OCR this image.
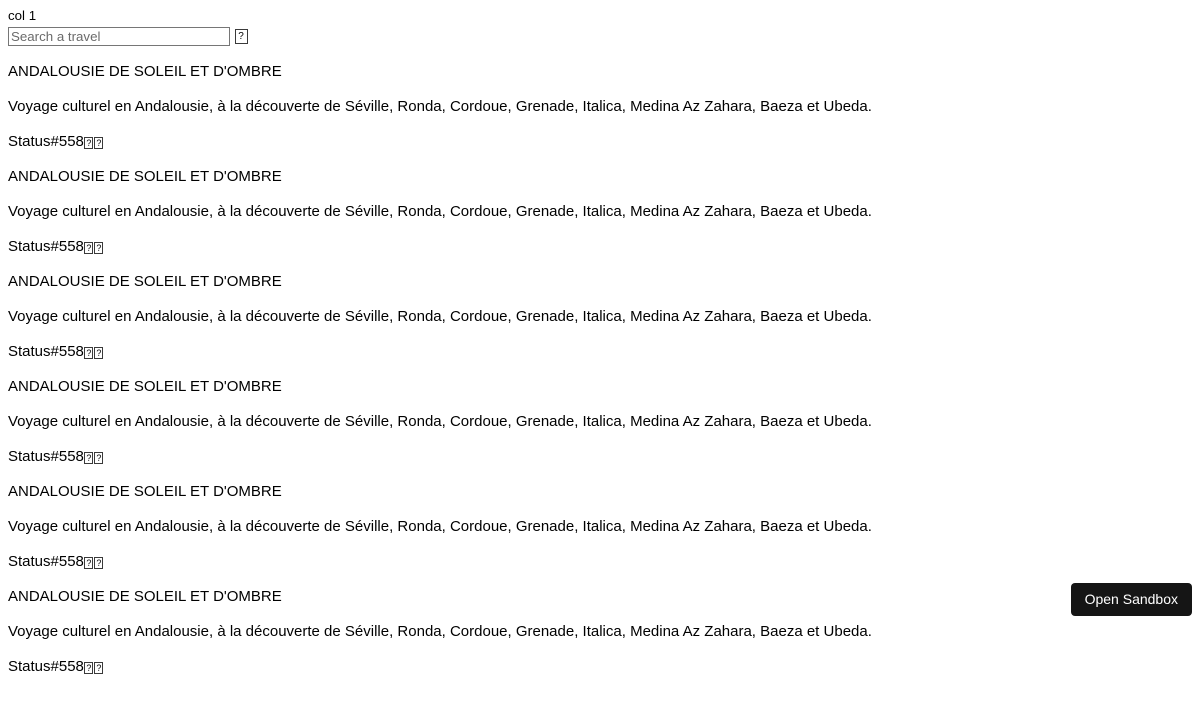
col 1
Search a travel
?
ANDALOUSIE DE SOLEIL ET D'OMBRE
Voyage culturel en Andalousie, à la découverte de Séville, Ronda, Cordoue, Grenade, Italica, Medina Az Zahara, Baeza et Ubeda.
Status#558 ? ?
ANDALOUSIE DE SOLEIL ET D'OMBRE
Voyage culturel en Andalousie, à la découverte de Séville, Ronda, Cordoue, Grenade, Italica, Medina Az Zahara, Baeza et Ubeda.
Status#558 ? ?
ANDALOUSIE DE SOLEIL ET D'OMBRE
Voyage culturel en Andalousie, à la découverte de Séville, Ronda, Cordoue, Grenade, Italica, Medina Az Zahara, Baeza et Ubeda.
Status#558 ? ?
ANDALOUSIE DE SOLEIL ET D'OMBRE
Voyage culturel en Andalousie, à la découverte de Séville, Ronda, Cordoue, Grenade, Italica, Medina Az Zahara, Baeza et Ubeda.
Status#558 ? ?
ANDALOUSIE DE SOLEIL ET D'OMBRE
Voyage culturel en Andalousie, à la découverte de Séville, Ronda, Cordoue, Grenade, Italica, Medina Az Zahara, Baeza et Ubeda.
Status#558 ? ?
ANDALOUSIE DE SOLEIL ET D'OMBRE
Voyage culturel en Andalousie, à la découverte de Séville, Ronda, Cordoue, Grenade, Italica, Medina Az Zahara, Baeza et Ubeda.
Status#558 ? ?
Open Sandbox
